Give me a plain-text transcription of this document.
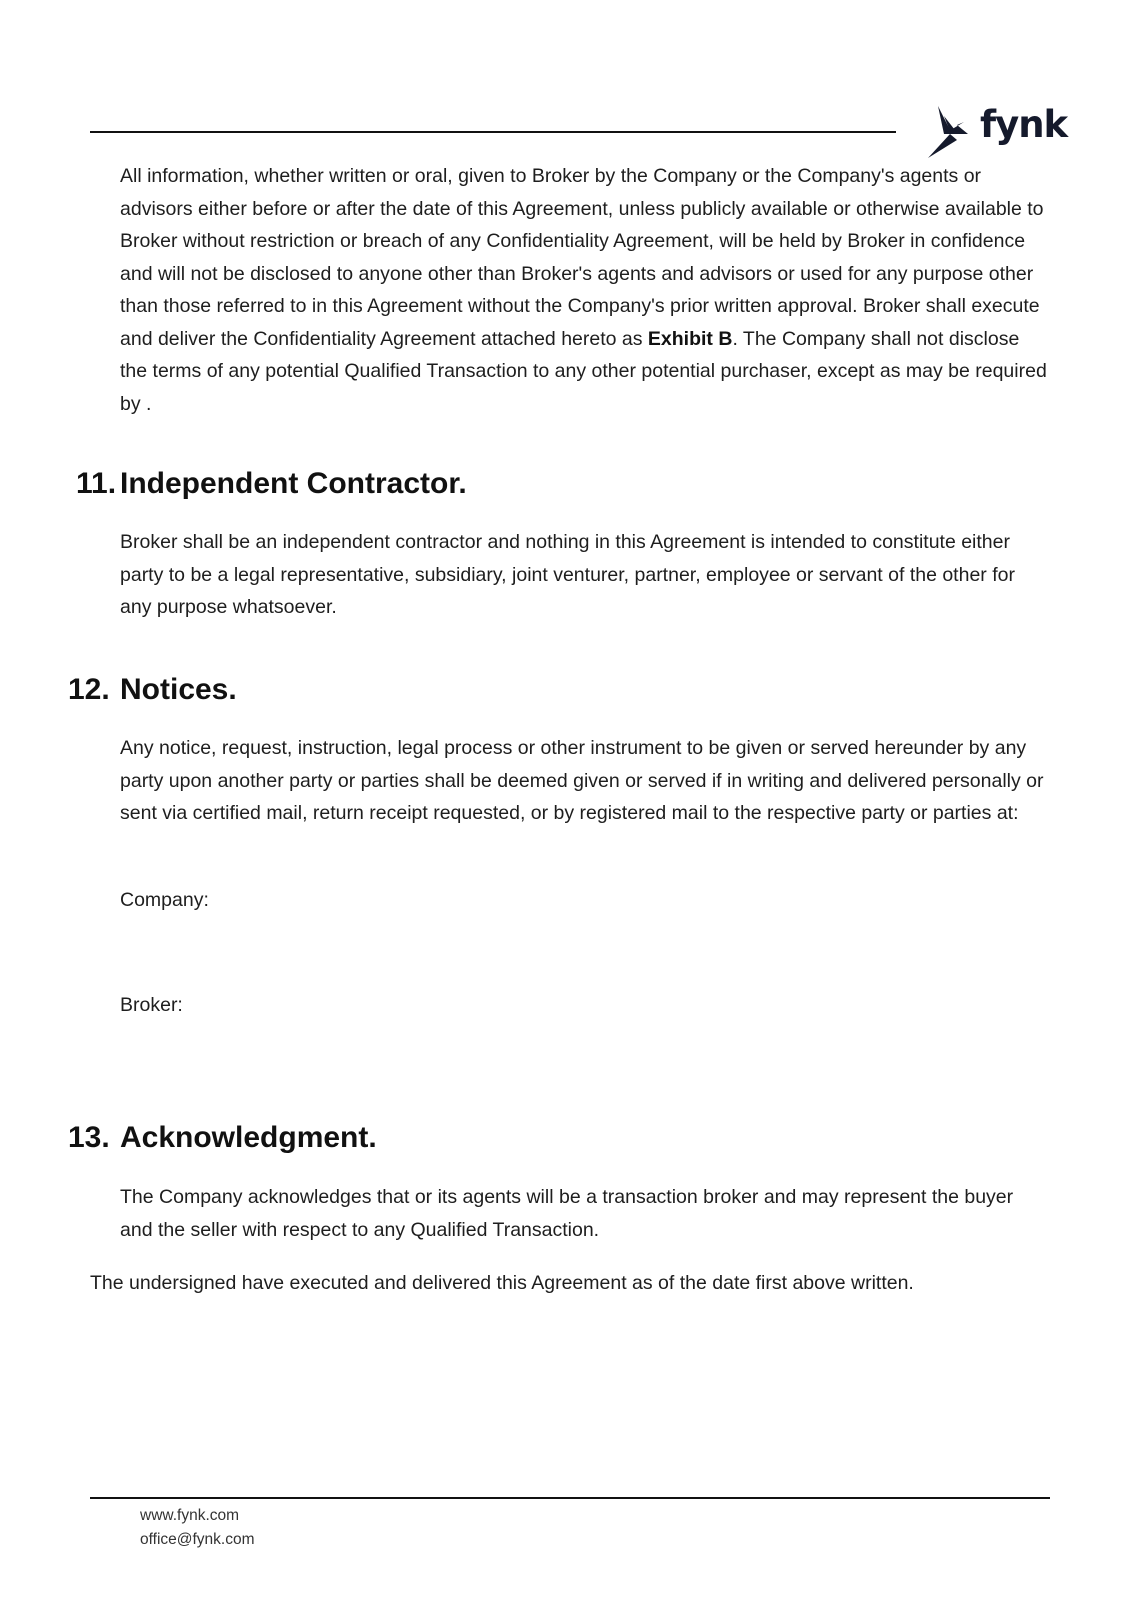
fynk

All information, whether written or oral, given to Broker by the Company or the Company's agents or advisors either before or after the date of this Agreement, unless publicly available or otherwise available to Broker without restriction or breach of any Confidentiality Agreement, will be held by Broker in confidence and will not be disclosed to anyone other than Broker's agents and advisors or used for any purpose other than those referred to in this Agreement without the Company's prior written approval. Broker shall execute and deliver the Confidentiality Agreement attached hereto as Exhibit B. The Company shall not disclose the terms of any potential Qualified Transaction to any other potential purchaser, except as may be required by .

11. Independent Contractor.

Broker shall be an independent contractor and nothing in this Agreement is intended to constitute either party to be a legal representative, subsidiary, joint venturer, partner, employee or servant of the other for any purpose whatsoever.

12. Notices.

Any notice, request, instruction, legal process or other instrument to be given or served hereunder by any party upon another party or parties shall be deemed given or served if in writing and delivered personally or sent via certified mail, return receipt requested, or by registered mail to the respective party or parties at:

Company:

Broker:

13. Acknowledgment.

The Company acknowledges that or its agents will be a transaction broker and may represent the buyer and the seller with respect to any Qualified Transaction.

The undersigned have executed and delivered this Agreement as of the date first above written.

www.fynk.com

office@fynk.com
